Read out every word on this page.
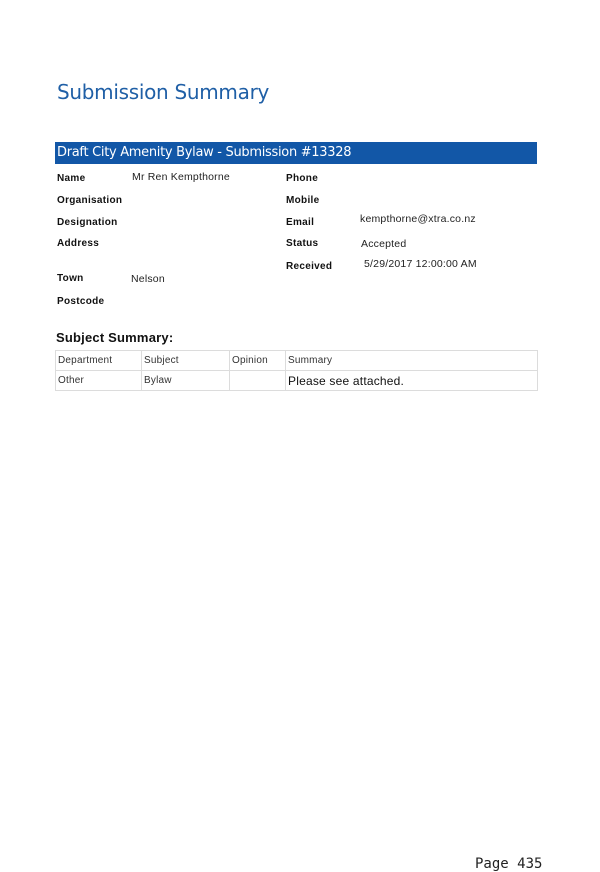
Submission Summary
Draft City Amenity Bylaw - Submission #13328
Name	Mr Ren Kempthorne
Organisation
Designation
Address
Town	Nelson
Postcode
Phone
Mobile
Email	kempthorne@xtra.co.nz
Status	Accepted
Received	5/29/2017 12:00:00 AM
Subject Summary:
Department	Subject	Opinion	Summary
Other	Bylaw		Please see attached.
Page 435
